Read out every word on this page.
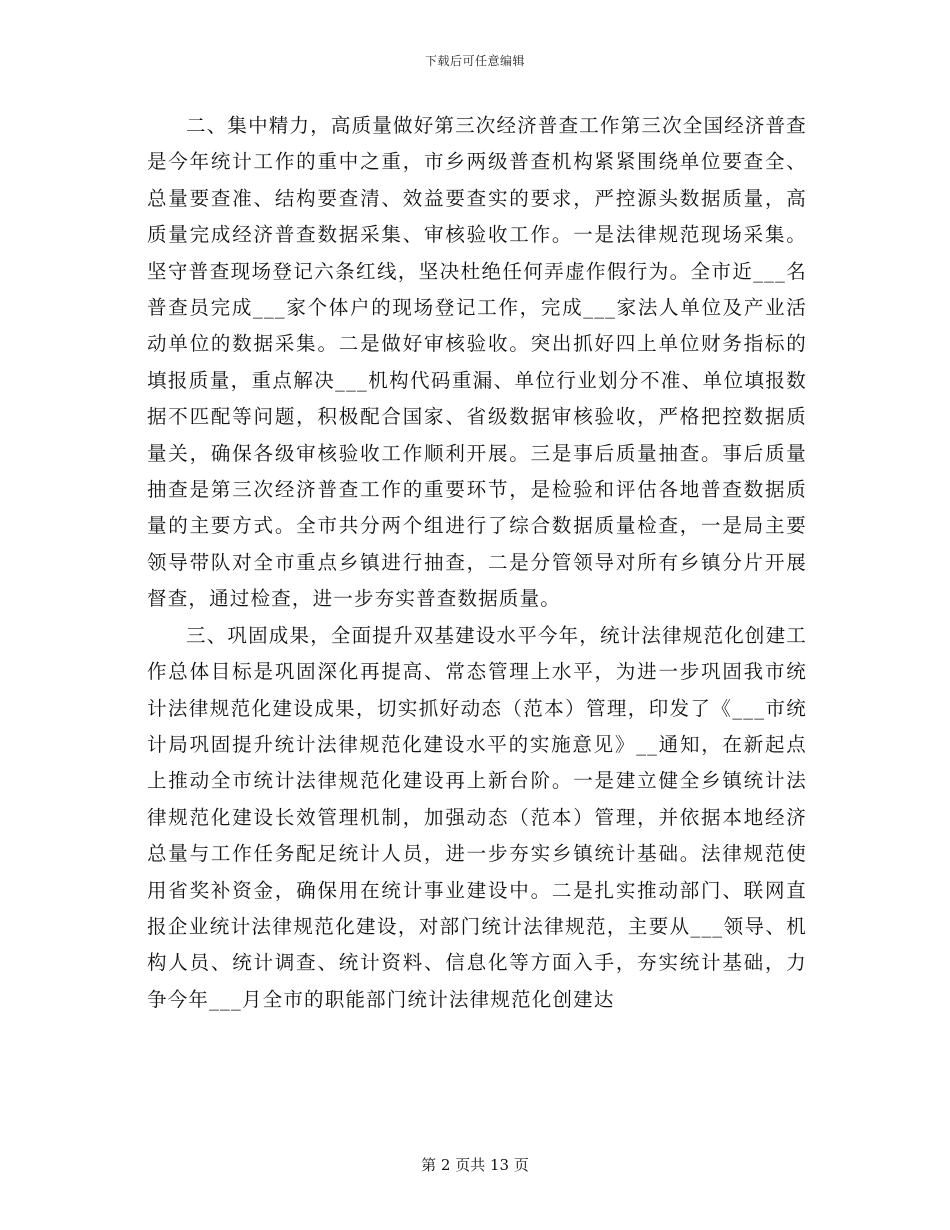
下载后可任意编辑

二、集中精力，高质量做好第三次经济普查工作第三次全国经济普查是今年统计工作的重中之重，市乡两级普查机构紧紧围绕单位要查全、总量要查准、结构要查清、效益要查实的要求，严控源头数据质量，高质量完成经济普查数据采集、审核验收工作。一是法律规范现场采集。坚守普查现场登记六条红线，坚决杜绝任何弄虚作假行为。全市近___名普查员完成___家个体户的现场登记工作，完成___家法人单位及产业活动单位的数据采集。二是做好审核验收。突出抓好四上单位财务指标的填报质量，重点解决___机构代码重漏、单位行业划分不准、单位填报数据不匹配等问题，积极配合国家、省级数据审核验收，严格把控数据质量关，确保各级审核验收工作顺利开展。三是事后质量抽查。事后质量抽查是第三次经济普查工作的重要环节，是检验和评估各地普查数据质量的主要方式。全市共分两个组进行了综合数据质量检查，一是局主要领导带队对全市重点乡镇进行抽查，二是分管领导对所有乡镇分片开展督查，通过检查，进一步夯实普查数据质量。

三、巩固成果，全面提升双基建设水平今年，统计法律规范化创建工作总体目标是巩固深化再提高、常态管理上水平，为进一步巩固我市统计法律规范化建设成果，切实抓好动态（范本）管理，印发了《___市统计局巩固提升统计法律规范化建设水平的实施意见》__通知，在新起点上推动全市统计法律规范化建设再上新台阶。一是建立健全乡镇统计法律规范化建设长效管理机制，加强动态（范本）管理，并依据本地经济总量与工作任务配足统计人员，进一步夯实乡镇统计基础。法律规范使用省奖补资金，确保用在统计事业建设中。二是扎实推动部门、联网直报企业统计法律规范化建设，对部门统计法律规范，主要从___领导、机构人员、统计调查、统计资料、信息化等方面入手，夯实统计基础，力争今年___月全市的职能部门统计法律规范化创建达

第 2 页共 13 页
